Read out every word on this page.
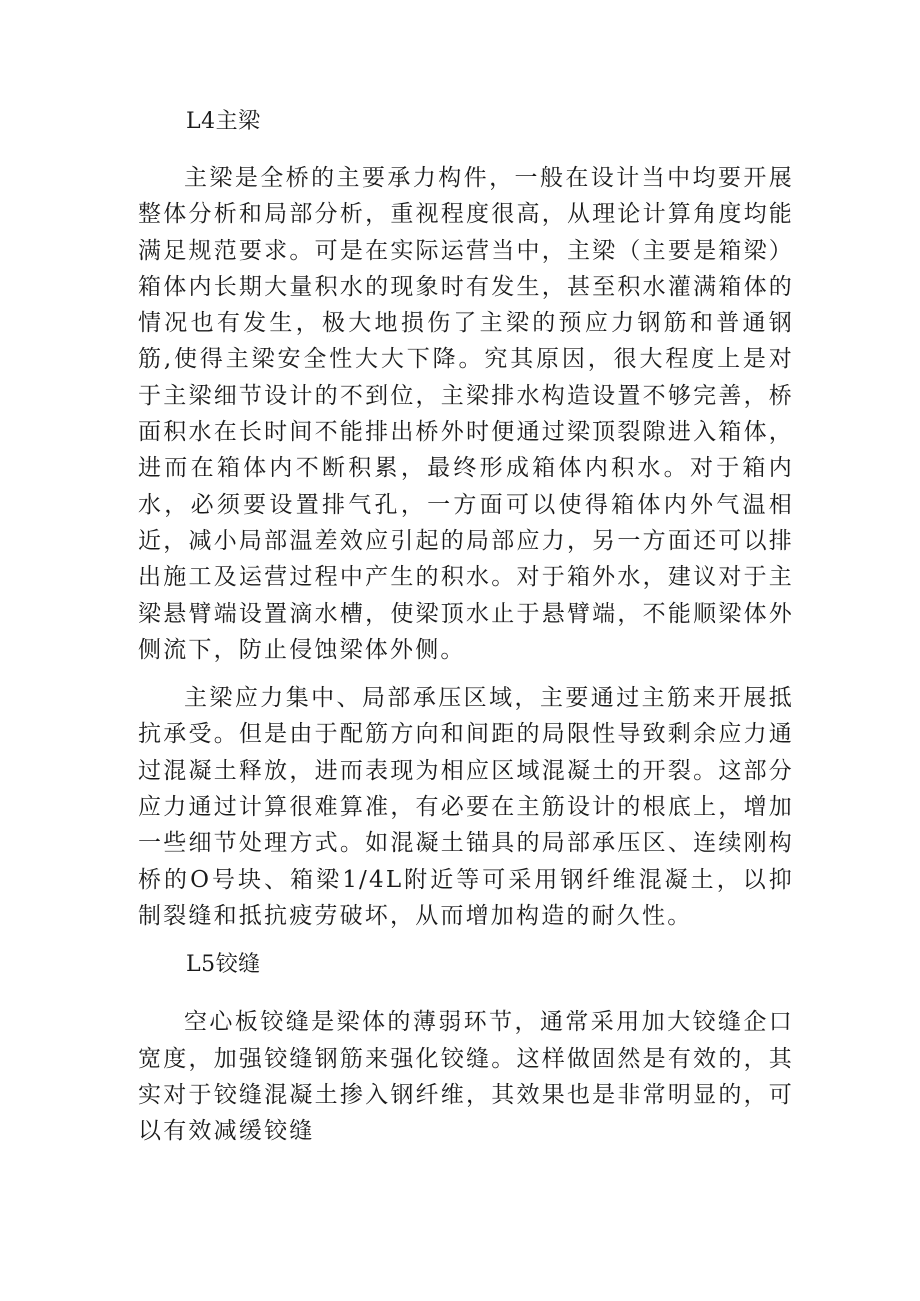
L4主梁

主梁是全桥的主要承力构件，一般在设计当中均要开展整体分析和局部分析，重视程度很高，从理论计算角度均能满足规范要求。可是在实际运营当中，主梁（主要是箱梁）箱体内长期大量积水的现象时有发生，甚至积水灌满箱体的情况也有发生，极大地损伤了主梁的预应力钢筋和普通钢筋,使得主梁安全性大大下降。究其原因，很大程度上是对于主梁细节设计的不到位，主梁排水构造设置不够完善，桥面积水在长时间不能排出桥外时便通过梁顶裂隙进入箱体，进而在箱体内不断积累，最终形成箱体内积水。对于箱内水，必须要设置排气孔，一方面可以使得箱体内外气温相近，减小局部温差效应引起的局部应力，另一方面还可以排出施工及运营过程中产生的积水。对于箱外水，建议对于主梁悬臂端设置滴水槽，使梁顶水止于悬臂端，不能顺梁体外侧流下，防止侵蚀梁体外侧。

主梁应力集中、局部承压区域，主要通过主筋来开展抵抗承受。但是由于配筋方向和间距的局限性导致剩余应力通过混凝土释放，进而表现为相应区域混凝土的开裂。这部分应力通过计算很难算准，有必要在主筋设计的根底上，增加一些细节处理方式。如混凝土锚具的局部承压区、连续刚构桥的O号块、箱梁1/4L附近等可采用钢纤维混凝土，以抑制裂缝和抵抗疲劳破坏，从而增加构造的耐久性。

L5铰缝

空心板铰缝是梁体的薄弱环节，通常采用加大铰缝企口宽度，加强铰缝钢筋来强化铰缝。这样做固然是有效的，其实对于铰缝混凝土掺入钢纤维，其效果也是非常明显的，可以有效减缓铰缝
